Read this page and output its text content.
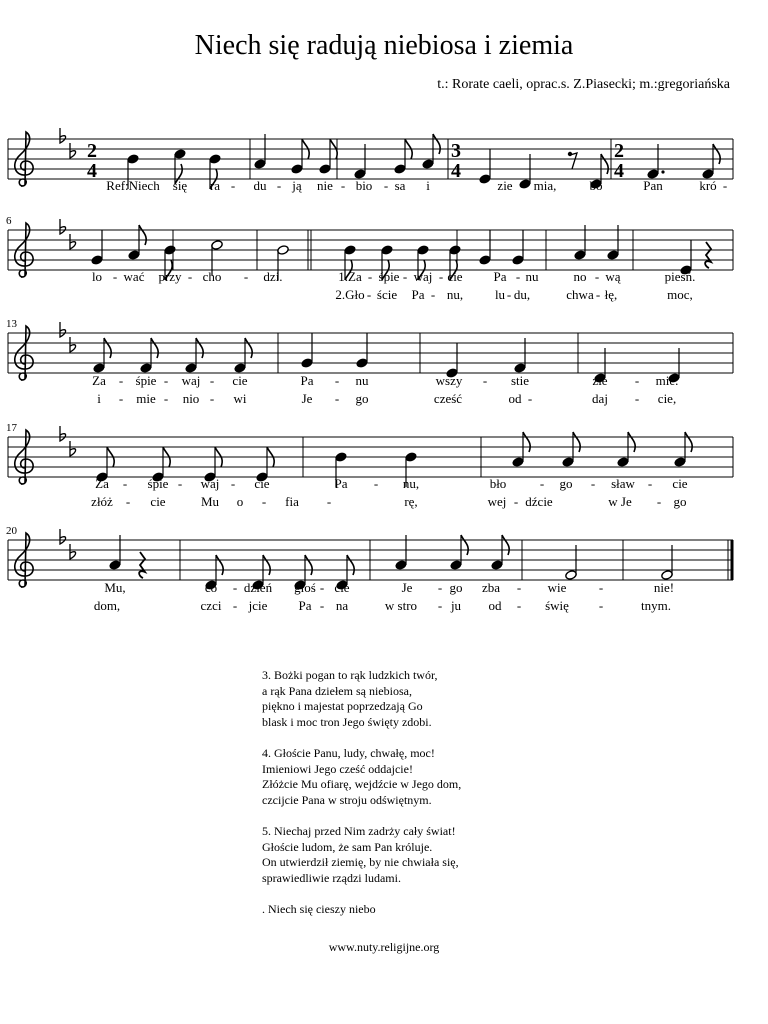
Niech się radują niebiosa i ziemia
t.: Rorate caeli, oprac.s. Z.Piasecki; m.:gregoriańska
2
4
3
4
2
4
Ref:Niech się ra - du - ją nie - bio - sa i	zie - mia,	bo	Pan	kró -
6
lo - wać przy - cho - dzi.	1.Za - śpie - waj - cie Pa - nu	no - wą	pieśń.
2.Gło - ście Pa - nu, lu - du,	chwa - łę,	moc,
13
Za - śpie - waj - cie	Pa - nu	wszy - stie	zie - mie.
i - mie - nio - wi	Je - go	cześć	od -	daj - cie,
17
Za - śpie - waj - cie	Pa - nu,	bło	- go - sław - cie
złóż - cie	Mu o - fia -	rę,	wej - dźcie	w Je - go
20
Mu,	co - dzień głoś - cie	Je - go zba - wie -	nie!
dom,	czci - jcie Pa - na	w stro - ju od - świę -	tnym.
3. Bożki pogan to rąk ludzkich twór,
a rąk Pana dziełem są niebiosa,
piękno i majestat poprzedzają Go
blask i moc tron Jego święty zdobi.
4. Głoście Panu, ludy, chwałę, moc!
Imieniowi Jego cześć oddajcie!
Złóżcie Mu ofiarę, wejdźcie w Jego dom,
czcijcie Pana w stroju odświętnym.
5. Niechaj przed Nim zadrży cały świat!
Głoście ludom, że sam Pan króluje.
On utwierdził ziemię, by nie chwiała się,
sprawiedliwie rządzi ludami.
. Niech się cieszy niebo
www.nuty.religijne.org
